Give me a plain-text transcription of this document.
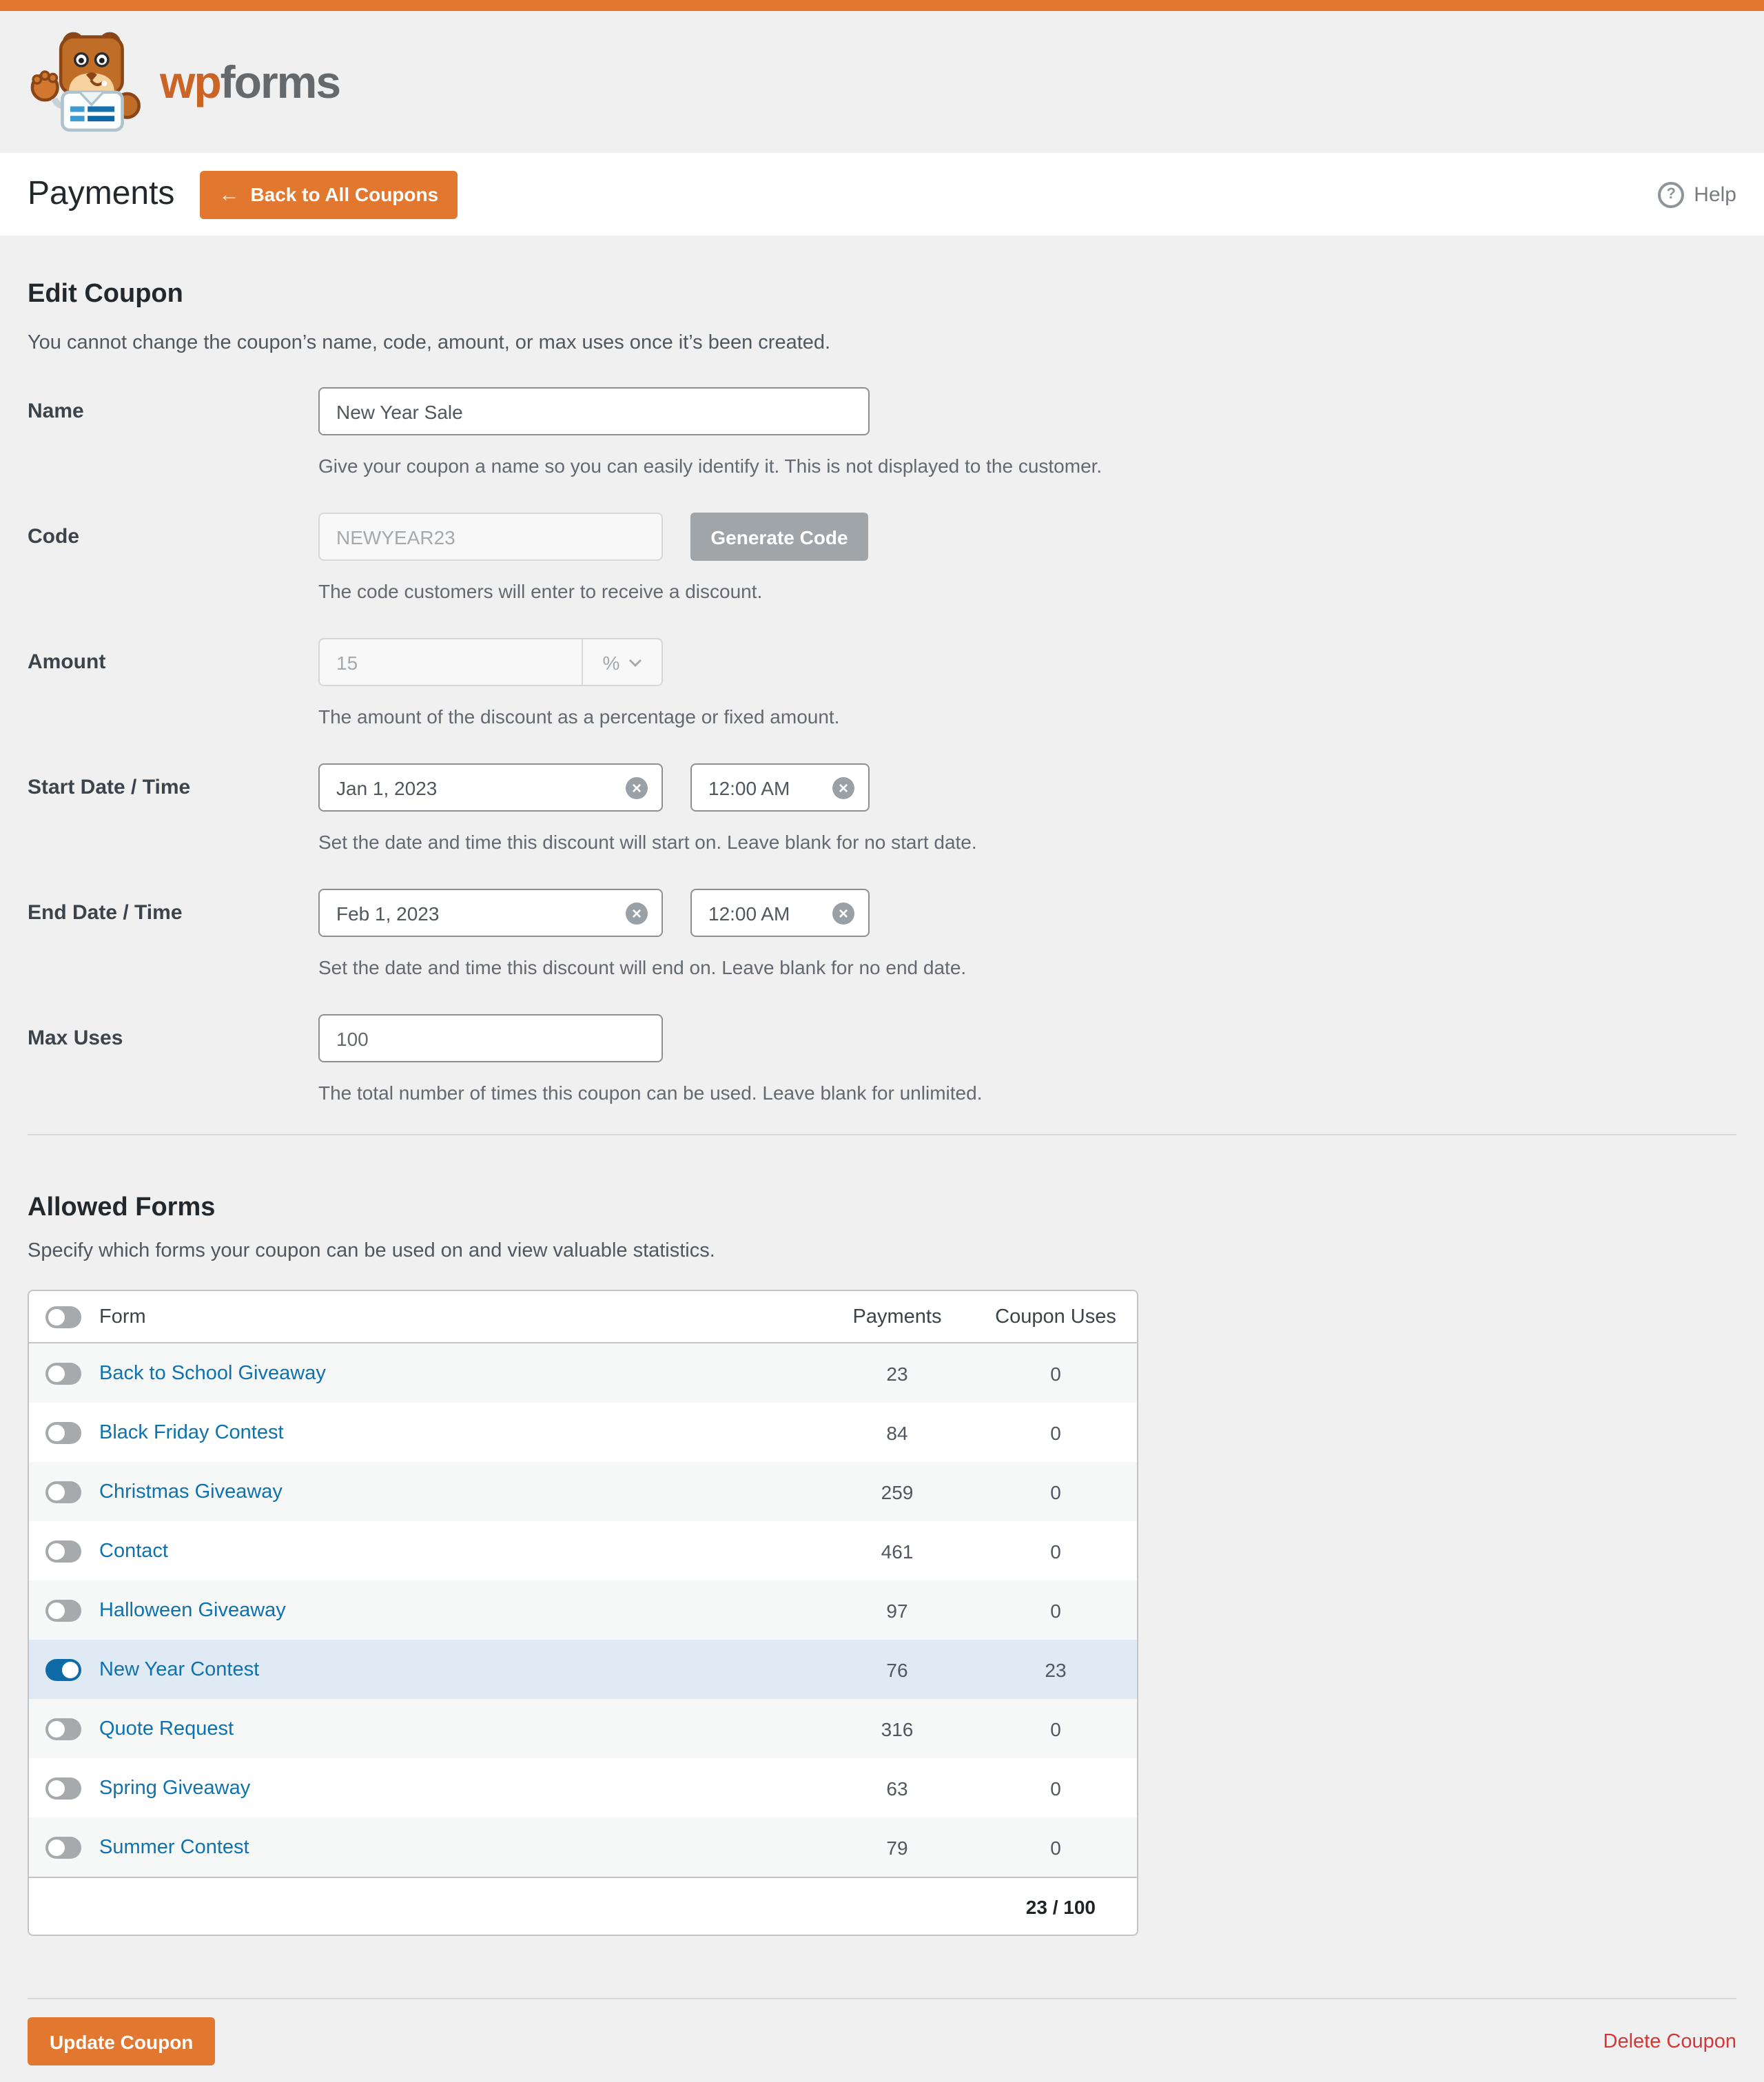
wpforms
Payments	← Back to All Coupons	?	Help
Edit Coupon

You cannot change the coupon’s name, code, amount, or max uses once it’s been created.

Name
New Year Sale
Give your coupon a name so you can easily identify it. This is not displayed to the customer.
Code
NEWYEAR23	Generate Code
The code customers will enter to receive a discount.
Amount
15	%
The amount of the discount as a percentage or fixed amount.
Start Date / Time	Jan 1, 2023	×	12:00 AM	×
Set the date and time this discount will start on. Leave blank for no start date.
End Date / Time	Feb 1, 2023	×	12:00 AM	×
Set the date and time this discount will end on. Leave blank for no end date.
Max Uses
100
The total number of times this coupon can be used. Leave blank for unlimited.
Allowed Forms

Specify which forms your coupon can be used on and view valuable statistics.

Form	Payments	Coupon Uses
Back to School Giveaway	23	0
Black Friday Contest	84	0
Christmas Giveaway	259	0
Contact	461	0
Halloween Giveaway	97	0
New Year Contest	76	23
Quote Request	316	0
Spring Giveaway	63	0
Summer Contest	79	0
23 / 100
Update Coupon	Delete Coupon
